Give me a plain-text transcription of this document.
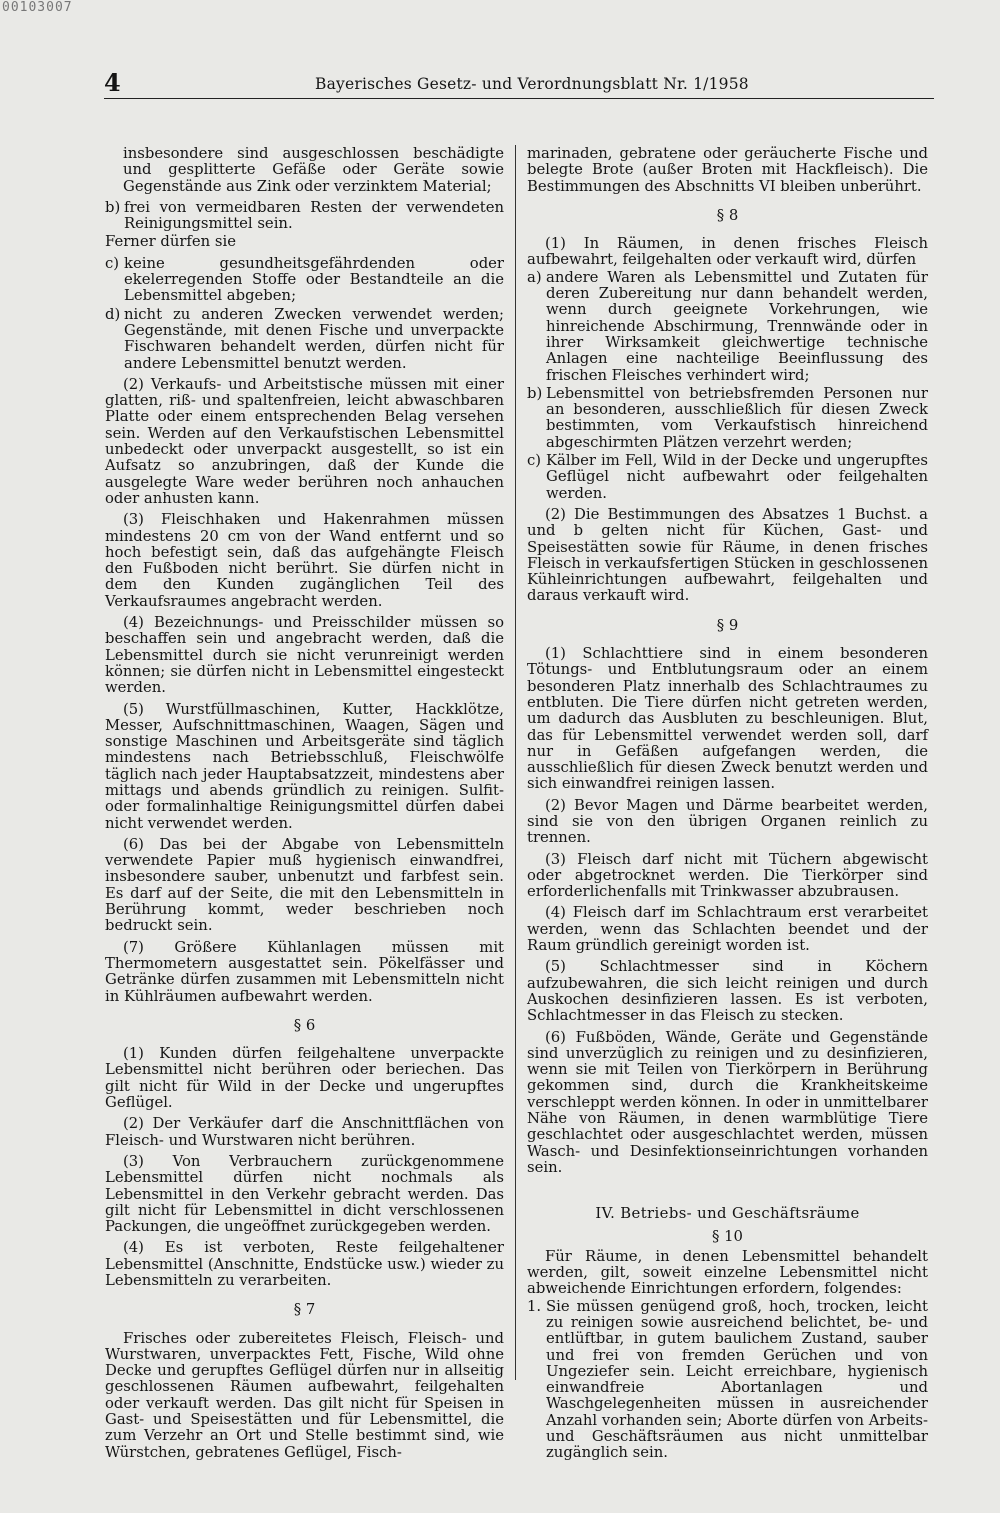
00103007
4	Bayerisches Gesetz- und Verordnungsblatt Nr. 1/1958

insbesondere sind ausgeschlossen beschädigte und gesplitterte Gefäße oder Geräte sowie Gegenstände aus Zink oder verzinktem Material;

b) frei von vermeidbaren Resten der verwendeten Reinigungsmittel sein.

Ferner dürfen sie

c) keine gesundheitsgefährdenden oder ekelerregenden Stoffe oder Bestandteile an die Lebensmittel abgeben;
d) nicht zu anderen Zwecken verwendet werden; Gegenstände, mit denen Fische und unverpackte Fischwaren behandelt werden, dürfen nicht für andere Lebensmittel benutzt werden.

(2) Verkaufs- und Arbeitstische müssen mit einer glatten, riß- und spaltenfreien, leicht abwaschbaren Platte oder einem entsprechenden Belag versehen sein. Werden auf den Verkaufstischen Lebensmittel unbedeckt oder unverpackt ausgestellt, so ist ein Aufsatz so anzubringen, daß der Kunde die ausgelegte Ware weder berühren noch anhauchen oder anhusten kann.

(3) Fleischhaken und Hakenrahmen müssen mindestens 20 cm von der Wand entfernt und so hoch befestigt sein, daß das aufgehängte Fleisch den Fußboden nicht berührt. Sie dürfen nicht in dem den Kunden zugänglichen Teil des Verkaufsraumes angebracht werden.

(4) Bezeichnungs- und Preisschilder müssen so beschaffen sein und angebracht werden, daß die Lebensmittel durch sie nicht verunreinigt werden können; sie dürfen nicht in Lebensmittel eingesteckt werden.

(5) Wurstfüllmaschinen, Kutter, Hackklötze, Messer, Aufschnittmaschinen, Waagen, Sägen und sonstige Maschinen und Arbeitsgeräte sind täglich mindestens nach Betriebsschluß, Fleischwölfe täglich nach jeder Hauptabsatzzeit, mindestens aber mittags und abends gründlich zu reinigen. Sulfit- oder formalinhaltige Reinigungsmittel dürfen dabei nicht verwendet werden.

(6) Das bei der Abgabe von Lebensmitteln verwendete Papier muß hygienisch einwandfrei, insbesondere sauber, unbenutzt und farbfest sein. Es darf auf der Seite, die mit den Lebensmitteln in Berührung kommt, weder beschrieben noch bedruckt sein.

(7) Größere Kühlanlagen müssen mit Thermometern ausgestattet sein. Pökelfässer und Getränke dürfen zusammen mit Lebensmitteln nicht in Kühlräumen aufbewahrt werden.

§ 6

(1) Kunden dürfen feilgehaltene unverpackte Lebensmittel nicht berühren oder beriechen. Das gilt nicht für Wild in der Decke und ungerupftes Geflügel.

(2) Der Verkäufer darf die Anschnittflächen von Fleisch- und Wurstwaren nicht berühren.

(3) Von Verbrauchern zurückgenommene Lebensmittel dürfen nicht nochmals als Lebensmittel in den Verkehr gebracht werden. Das gilt nicht für Lebensmittel in dicht verschlossenen Packungen, die ungeöffnet zurückgegeben werden.

(4) Es ist verboten, Reste feilgehaltener Lebensmittel (Anschnitte, Endstücke usw.) wieder zu Lebensmitteln zu verarbeiten.

§ 7

Frisches oder zubereitetes Fleisch, Fleisch- und Wurstwaren, unverpacktes Fett, Fische, Wild ohne Decke und gerupftes Geflügel dürfen nur in allseitig geschlossenen Räumen aufbewahrt, feilgehalten oder verkauft werden. Das gilt nicht für Speisen in Gast- und Speisestätten und für Lebensmittel, die zum Verzehr an Ort und Stelle bestimmt sind, wie Würstchen, gebratenes Geflügel, Fisch-

marinaden, gebratene oder geräucherte Fische und belegte Brote (außer Broten mit Hackfleisch). Die Bestimmungen des Abschnitts VI bleiben unberührt.

§ 8

(1) In Räumen, in denen frisches Fleisch aufbewahrt, feilgehalten oder verkauft wird, dürfen

a) andere Waren als Lebensmittel und Zutaten für deren Zubereitung nur dann behandelt werden, wenn durch geeignete Vorkehrungen, wie hinreichende Abschirmung, Trennwände oder in ihrer Wirksamkeit gleichwertige technische Anlagen eine nachteilige Beeinflussung des frischen Fleisches verhindert wird;
b) Lebensmittel von betriebsfremden Personen nur an besonderen, ausschließlich für diesen Zweck bestimmten, vom Verkaufstisch hinreichend abgeschirmten Plätzen verzehrt werden;
c) Kälber im Fell, Wild in der Decke und ungerupftes Geflügel nicht aufbewahrt oder feilgehalten werden.

(2) Die Bestimmungen des Absatzes 1 Buchst. a und b gelten nicht für Küchen, Gast- und Speisestätten sowie für Räume, in denen frisches Fleisch in verkaufsfertigen Stücken in geschlossenen Kühleinrichtungen aufbewahrt, feilgehalten und daraus verkauft wird.

§ 9

(1) Schlachttiere sind in einem besonderen Tötungs- und Entblutungsraum oder an einem besonderen Platz innerhalb des Schlachtraumes zu entbluten. Die Tiere dürfen nicht getreten werden, um dadurch das Ausbluten zu beschleunigen. Blut, das für Lebensmittel verwendet werden soll, darf nur in Gefäßen aufgefangen werden, die ausschließlich für diesen Zweck benutzt werden und sich einwandfrei reinigen lassen.

(2) Bevor Magen und Därme bearbeitet werden, sind sie von den übrigen Organen reinlich zu trennen.

(3) Fleisch darf nicht mit Tüchern abgewischt oder abgetrocknet werden. Die Tierkörper sind erforderlichenfalls mit Trinkwasser abzubrausen.

(4) Fleisch darf im Schlachtraum erst verarbeitet werden, wenn das Schlachten beendet und der Raum gründlich gereinigt worden ist.

(5) Schlachtmesser sind in Köchern aufzubewahren, die sich leicht reinigen und durch Auskochen desinfizieren lassen. Es ist verboten, Schlachtmesser in das Fleisch zu stecken.

(6) Fußböden, Wände, Geräte und Gegenstände sind unverzüglich zu reinigen und zu desinfizieren, wenn sie mit Teilen von Tierkörpern in Berührung gekommen sind, durch die Krankheitskeime verschleppt werden können. In oder in unmittelbarer Nähe von Räumen, in denen warmblütige Tiere geschlachtet oder ausgeschlachtet werden, müssen Wasch- und Desinfektionseinrichtungen vorhanden sein.

IV. Betriebs- und Geschäftsräume
§ 10

Für Räume, in denen Lebensmittel behandelt werden, gilt, soweit einzelne Lebensmittel nicht abweichende Einrichtungen erfordern, folgendes:

1. Sie müssen genügend groß, hoch, trocken, leicht zu reinigen sowie ausreichend belichtet, be- und entlüftbar, in gutem baulichem Zustand, sauber und frei von fremden Gerüchen und von Ungeziefer sein. Leicht erreichbare, hygienisch einwandfreie Abortanlagen und Waschgelegenheiten müssen in ausreichender Anzahl vorhanden sein; Aborte dürfen von Arbeits- und Geschäftsräumen aus nicht unmittelbar zugänglich sein.
